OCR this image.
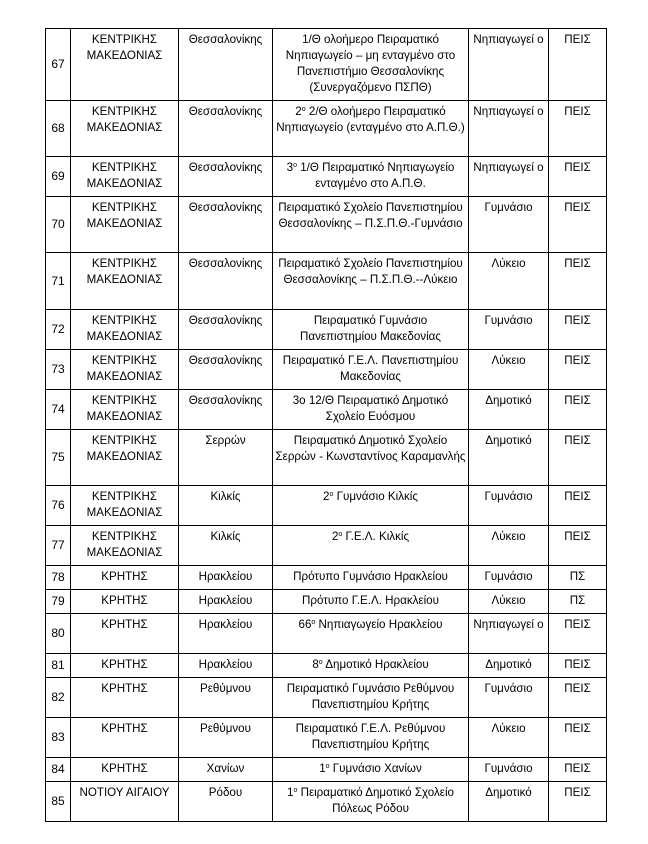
67	ΚΕΝΤΡΙΚΗΣ ΜΑΚΕΔΟΝΙΑΣ	Θεσσαλονίκης	1/Θ ολοήμερο Πειραματικό Νηπιαγωγείο – μη ενταγμένο στο Πανεπιστήμιο Θεσσαλονίκης (Συνεργαζόμενο ΠΣΠΘ)	Νηπιαγωγεί ο	ΠΕΙΣ
68	ΚΕΝΤΡΙΚΗΣ ΜΑΚΕΔΟΝΙΑΣ	Θεσσαλονίκης	$2^o$ 2/Θ ολοήμερο Πειραματικό Νηπιαγωγείο (ενταγμένο στο Α.Π.Θ.)	Νηπιαγωγεί ο	ΠΕΙΣ
69	ΚΕΝΤΡΙΚΗΣ ΜΑΚΕΔΟΝΙΑΣ	Θεσσαλονίκης	$3^o$ 1/Θ Πειραματικό Νηπιαγωγείο ενταγμένο στο Α.Π.Θ.	Νηπιαγωγεί ο	ΠΕΙΣ
70	ΚΕΝΤΡΙΚΗΣ ΜΑΚΕΔΟΝΙΑΣ	Θεσσαλονίκης	Πειραματικό Σχολείο Πανεπιστημίου Θεσσαλονίκης – Π.Σ.Π.Θ.-Γυμνάσιο	Γυμνάσιο	ΠΕΙΣ
71	ΚΕΝΤΡΙΚΗΣ ΜΑΚΕΔΟΝΙΑΣ	Θεσσαλονίκης	Πειραματικό Σχολείο Πανεπιστημίου Θεσσαλονίκης – Π.Σ.Π.Θ.--Λύκειο	Λύκειο	ΠΕΙΣ
72	ΚΕΝΤΡΙΚΗΣ ΜΑΚΕΔΟΝΙΑΣ	Θεσσαλονίκης	Πειραματικό Γυμνάσιο Πανεπιστημίου Μακεδονίας	Γυμνάσιο	ΠΕΙΣ
73	ΚΕΝΤΡΙΚΗΣ ΜΑΚΕΔΟΝΙΑΣ	Θεσσαλονίκης	Πειραματικό Γ.Ε.Λ. Πανεπιστημίου Μακεδονίας	Λύκειο	ΠΕΙΣ
74	ΚΕΝΤΡΙΚΗΣ ΜΑΚΕΔΟΝΙΑΣ	Θεσσαλονίκης	3ο 12/Θ Πειραματικό Δημοτικό Σχολείο Ευόσμου	Δημοτικό	ΠΕΙΣ
75	ΚΕΝΤΡΙΚΗΣ ΜΑΚΕΔΟΝΙΑΣ	Σερρών	Πειραματικό Δημοτικό Σχολείο Σερρών - Κωνσταντίνος Καραμανλής	Δημοτικό	ΠΕΙΣ
76	ΚΕΝΤΡΙΚΗΣ ΜΑΚΕΔΟΝΙΑΣ	Κιλκίς	$2^o$ Γυμνάσιο Κιλκίς	Γυμνάσιο	ΠΕΙΣ
77	ΚΕΝΤΡΙΚΗΣ ΜΑΚΕΔΟΝΙΑΣ	Κιλκίς	$2^o$ Γ.Ε.Λ. Κιλκίς	Λύκειο	ΠΕΙΣ
78	ΚΡΗΤΗΣ	Ηρακλείου	Πρότυπο Γυμνάσιο Ηρακλείου	Γυμνάσιο	ΠΣ
79	ΚΡΗΤΗΣ	Ηρακλείου	Πρότυπο Γ.Ε.Λ. Ηρακλείου	Λύκειο	ΠΣ
80	ΚΡΗΤΗΣ	Ηρακλείου	$66^o$ Νηπιαγωγείο Ηρακλείου	Νηπιαγωγεί ο	ΠΕΙΣ
81	ΚΡΗΤΗΣ	Ηρακλείου	$8^o$ Δημοτικό Ηρακλείου	Δημοτικό	ΠΕΙΣ
82	ΚΡΗΤΗΣ	Ρεθύμνου	Πειραματικό Γυμνάσιο Ρεθύμνου Πανεπιστημίου Κρήτης	Γυμνάσιο	ΠΕΙΣ
83	ΚΡΗΤΗΣ	Ρεθύμνου	Πειραματικό Γ.Ε.Λ. Ρεθύμνου Πανεπιστημίου Κρήτης	Λύκειο	ΠΕΙΣ
84	ΚΡΗΤΗΣ	Χανίων	$1^o$ Γυμνάσιο Χανίων	Γυμνάσιο	ΠΕΙΣ
85	ΝΟΤΙΟΥ ΑΙΓΑΙΟΥ	Ρόδου	$1^o$ Πειραματικό Δημοτικό Σχολείο Πόλεως Ρόδου	Δημοτικό	ΠΕΙΣ
